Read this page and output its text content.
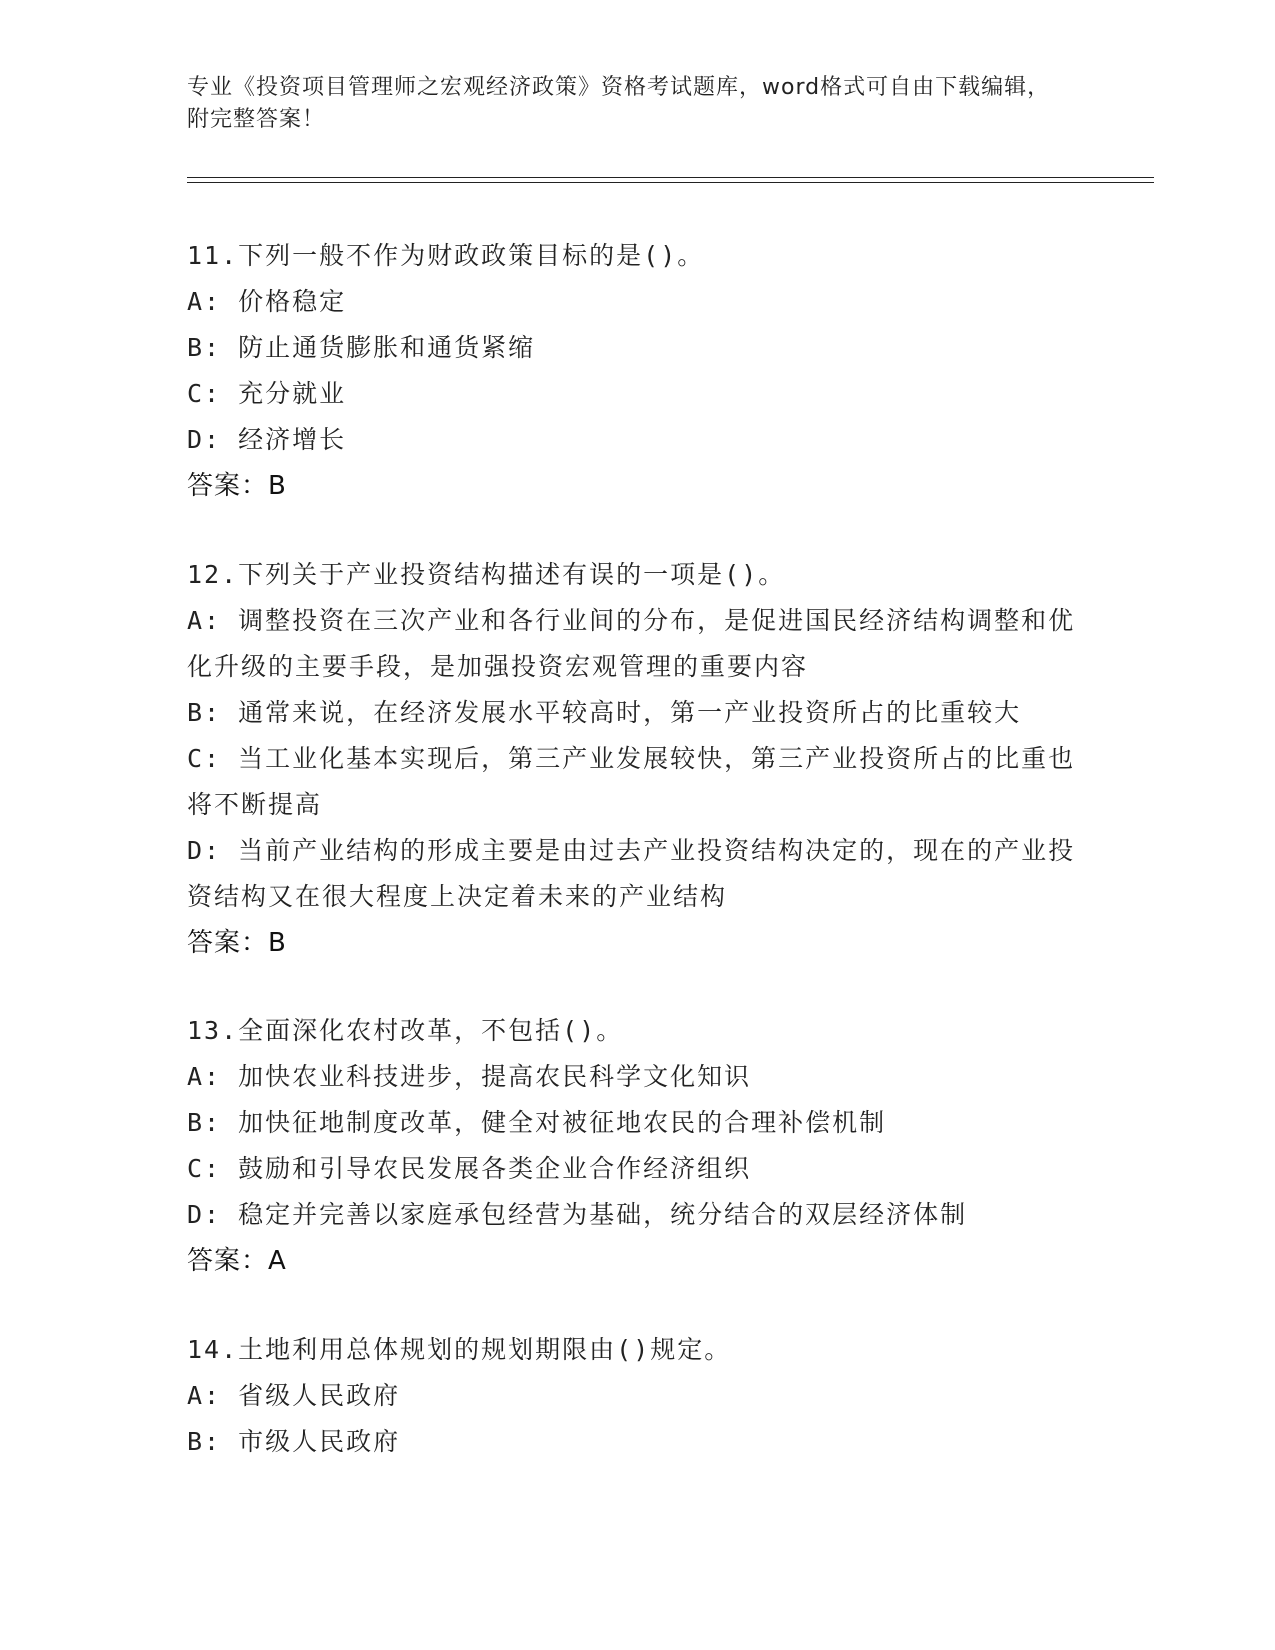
专业《投资项目管理师之宏观经济政策》资格考试题库，word格式可自由下载编辑，附完整答案！
11.下列一般不作为财政政策目标的是()。
A: 价格稳定
B: 防止通货膨胀和通货紧缩
C: 充分就业
D: 经济增长
答案：B
12.下列关于产业投资结构描述有误的一项是()。
A: 调整投资在三次产业和各行业间的分布，是促进国民经济结构调整和优化升级的主要手段，是加强投资宏观管理的重要内容
B: 通常来说，在经济发展水平较高时，第一产业投资所占的比重较大
C: 当工业化基本实现后，第三产业发展较快，第三产业投资所占的比重也将不断提高
D: 当前产业结构的形成主要是由过去产业投资结构决定的，现在的产业投资结构又在很大程度上决定着未来的产业结构
答案：B
13.全面深化农村改革，不包括()。
A: 加快农业科技进步，提高农民科学文化知识
B: 加快征地制度改革，健全对被征地农民的合理补偿机制
C: 鼓励和引导农民发展各类企业合作经济组织
D: 稳定并完善以家庭承包经营为基础，统分结合的双层经济体制
答案：A
14.土地利用总体规划的规划期限由()规定。
A: 省级人民政府
B: 市级人民政府
